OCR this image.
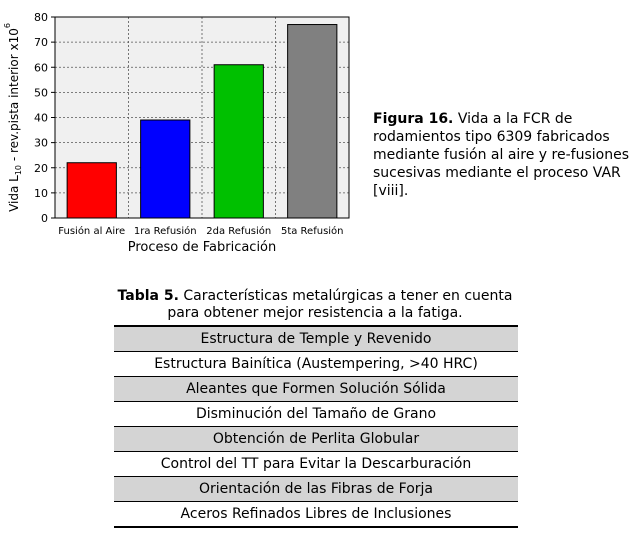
0
10
20
30
40
50
60
70
80
Fusión al Aire 1ra Refusión 2da Refusión 5ta Refusión
Proceso de Fabricación
Vida $L_{10}$ - rev.pista interior $x10^6$
Figura 16. Vida a la FCR de rodamientos tipo 6309 fabricados mediante fusión al aire y re-fusiones sucesivas mediante el proceso VAR [viii].
Tabla 5. Características metalúrgicas a tener en cuenta para obtener mejor resistencia a la fatiga.
Estructura de Temple y Revenido
Estructura Bainítica (Austempering, >40 HRC)
Aleantes que Formen Solución Sólida
Disminución del Tamaño de Grano
Obtención de Perlita Globular
Control del TT para Evitar la Descarburación
Orientación de las Fibras de Forja
Aceros Refinados Libres de Inclusiones
